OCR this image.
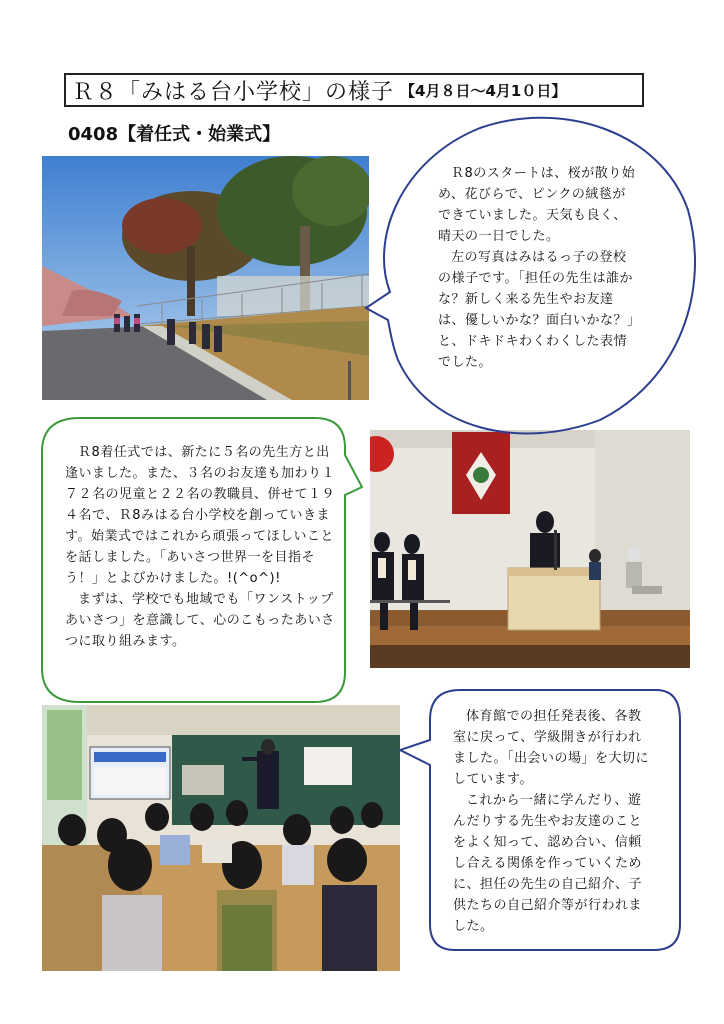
Ｒ８「みはる台小学校」の様子 【4月８日～4月1０日】
0408【着任式・始業式】

Ｒ8のスタートは、桜が散り始め、花びらで、ピンクの絨毯ができていました。天気も良く、晴天の一日でした。

左の写真はみはるっ子の登校の様子です。「担任の先生は誰かな？新しく来る先生やお友達は、優しいかな？面白いかな？」と、ドキドキわくわくした表情でした。

Ｒ8着任式では、新たに５名の先生方と出逢いました。また、３名のお友達も加わり１７２名の児童と２２名の教職員、併せて１９４名で、Ｒ8みはる台小学校を創っていきます。始業式ではこれから頑張ってほしいことを話しました。「あいさつ世界一を目指そう！」とよびかけました。!(^o^)!

まずは、学校でも地域でも「ワンストップあいさつ」を意識して、心のこもったあいさつに取り組みます。

体育館での担任発表後、各教室に戻って、学級開きが行われました。「出会いの場」を大切にしています。

これから一緒に学んだり、遊んだりする先生やお友達のことをよく知って、認め合い、信頼し合える関係を作っていくために、担任の先生の自己紹介、子供たちの自己紹介等が行われました。
